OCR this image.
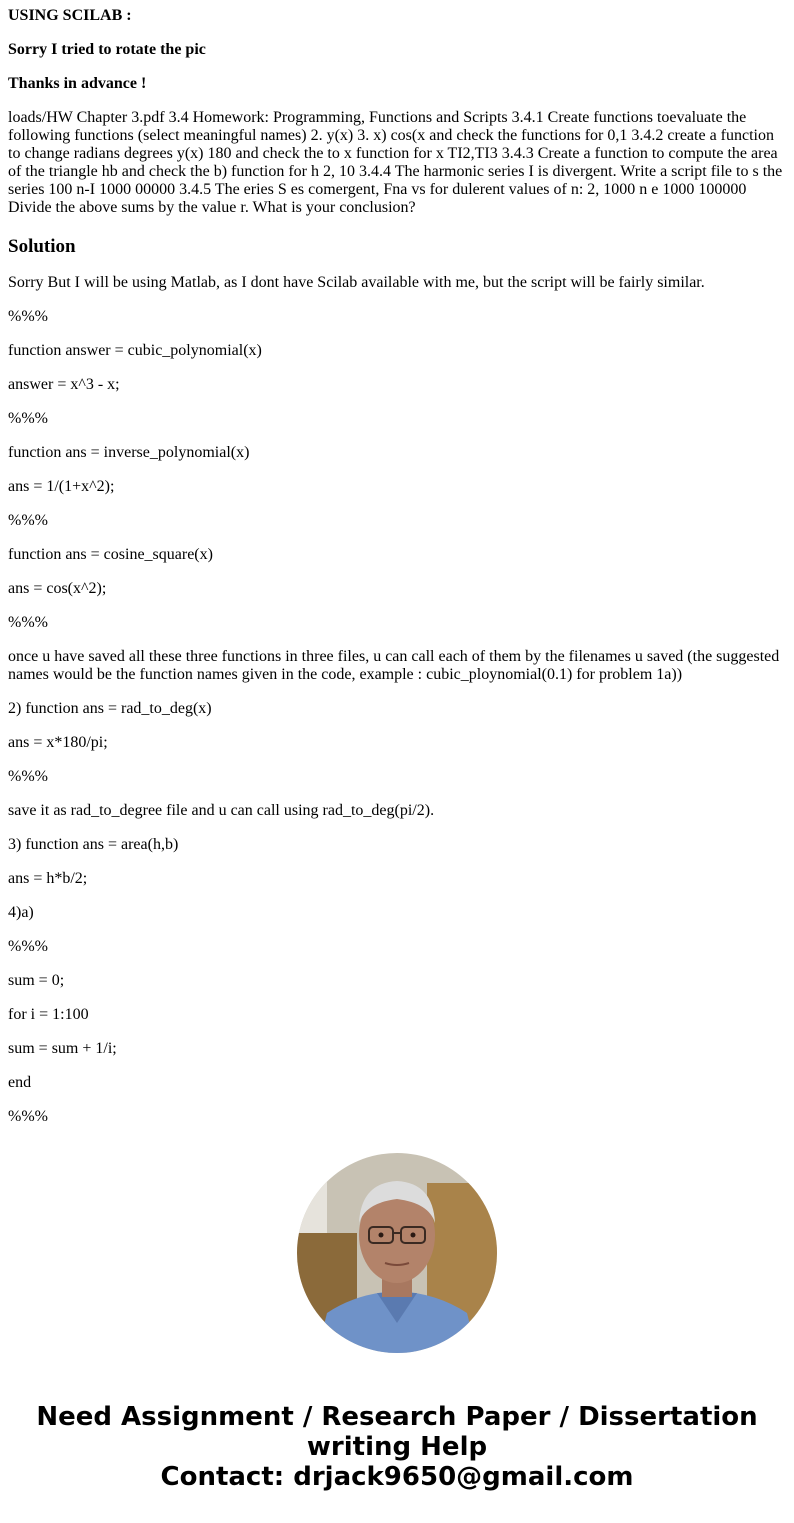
USING SCILAB :

Sorry I tried to rotate the pic

Thanks in advance !

loads/HW Chapter 3.pdf 3.4 Homework: Programming, Functions and Scripts 3.4.1 Create functions toevaluate the following functions (select meaningful names) 2. y(x) 3. x) cos(x and check the functions for 0,1 3.4.2 create a function to change radians degrees y(x) 180 and check the to x function for x TI2,TI3 3.4.3 Create a function to compute the area of the triangle hb and check the b) function for h 2, 10 3.4.4 The harmonic series I is divergent. Write a script file to s the series 100 n-I 1000 00000 3.4.5 The eries S es comergent, Fna vs for dulerent values of n: 2, 1000 n e 1000 100000 Divide the above sums by the value r. What is your conclusion?

Solution

Sorry But I will be using Matlab, as I dont have Scilab available with me, but the script will be fairly similar.

%%%

function answer = cubic_polynomial(x)

answer = x^3 - x;

%%%

function ans = inverse_polynomial(x)

ans = 1/(1+x^2);

%%%

function ans = cosine_square(x)

ans = cos(x^2);

%%%

once u have saved all these three functions in three files, u can call each of them by the filenames u saved (the suggested names would be the function names given in the code, example : cubic_ploynomial(0.1) for problem 1a))

2) function ans = rad_to_deg(x)

ans = x*180/pi;

%%%

save it as rad_to_degree file and u can call using rad_to_deg(pi/2).

3) function ans = area(h,b)

ans = h*b/2;

4)a)

%%%

sum = 0;

for i = 1:100

sum = sum + 1/i;

end

%%%

Need Assignment / Research Paper / Dissertation
writing Help
Contact: drjack9650@gmail.com
